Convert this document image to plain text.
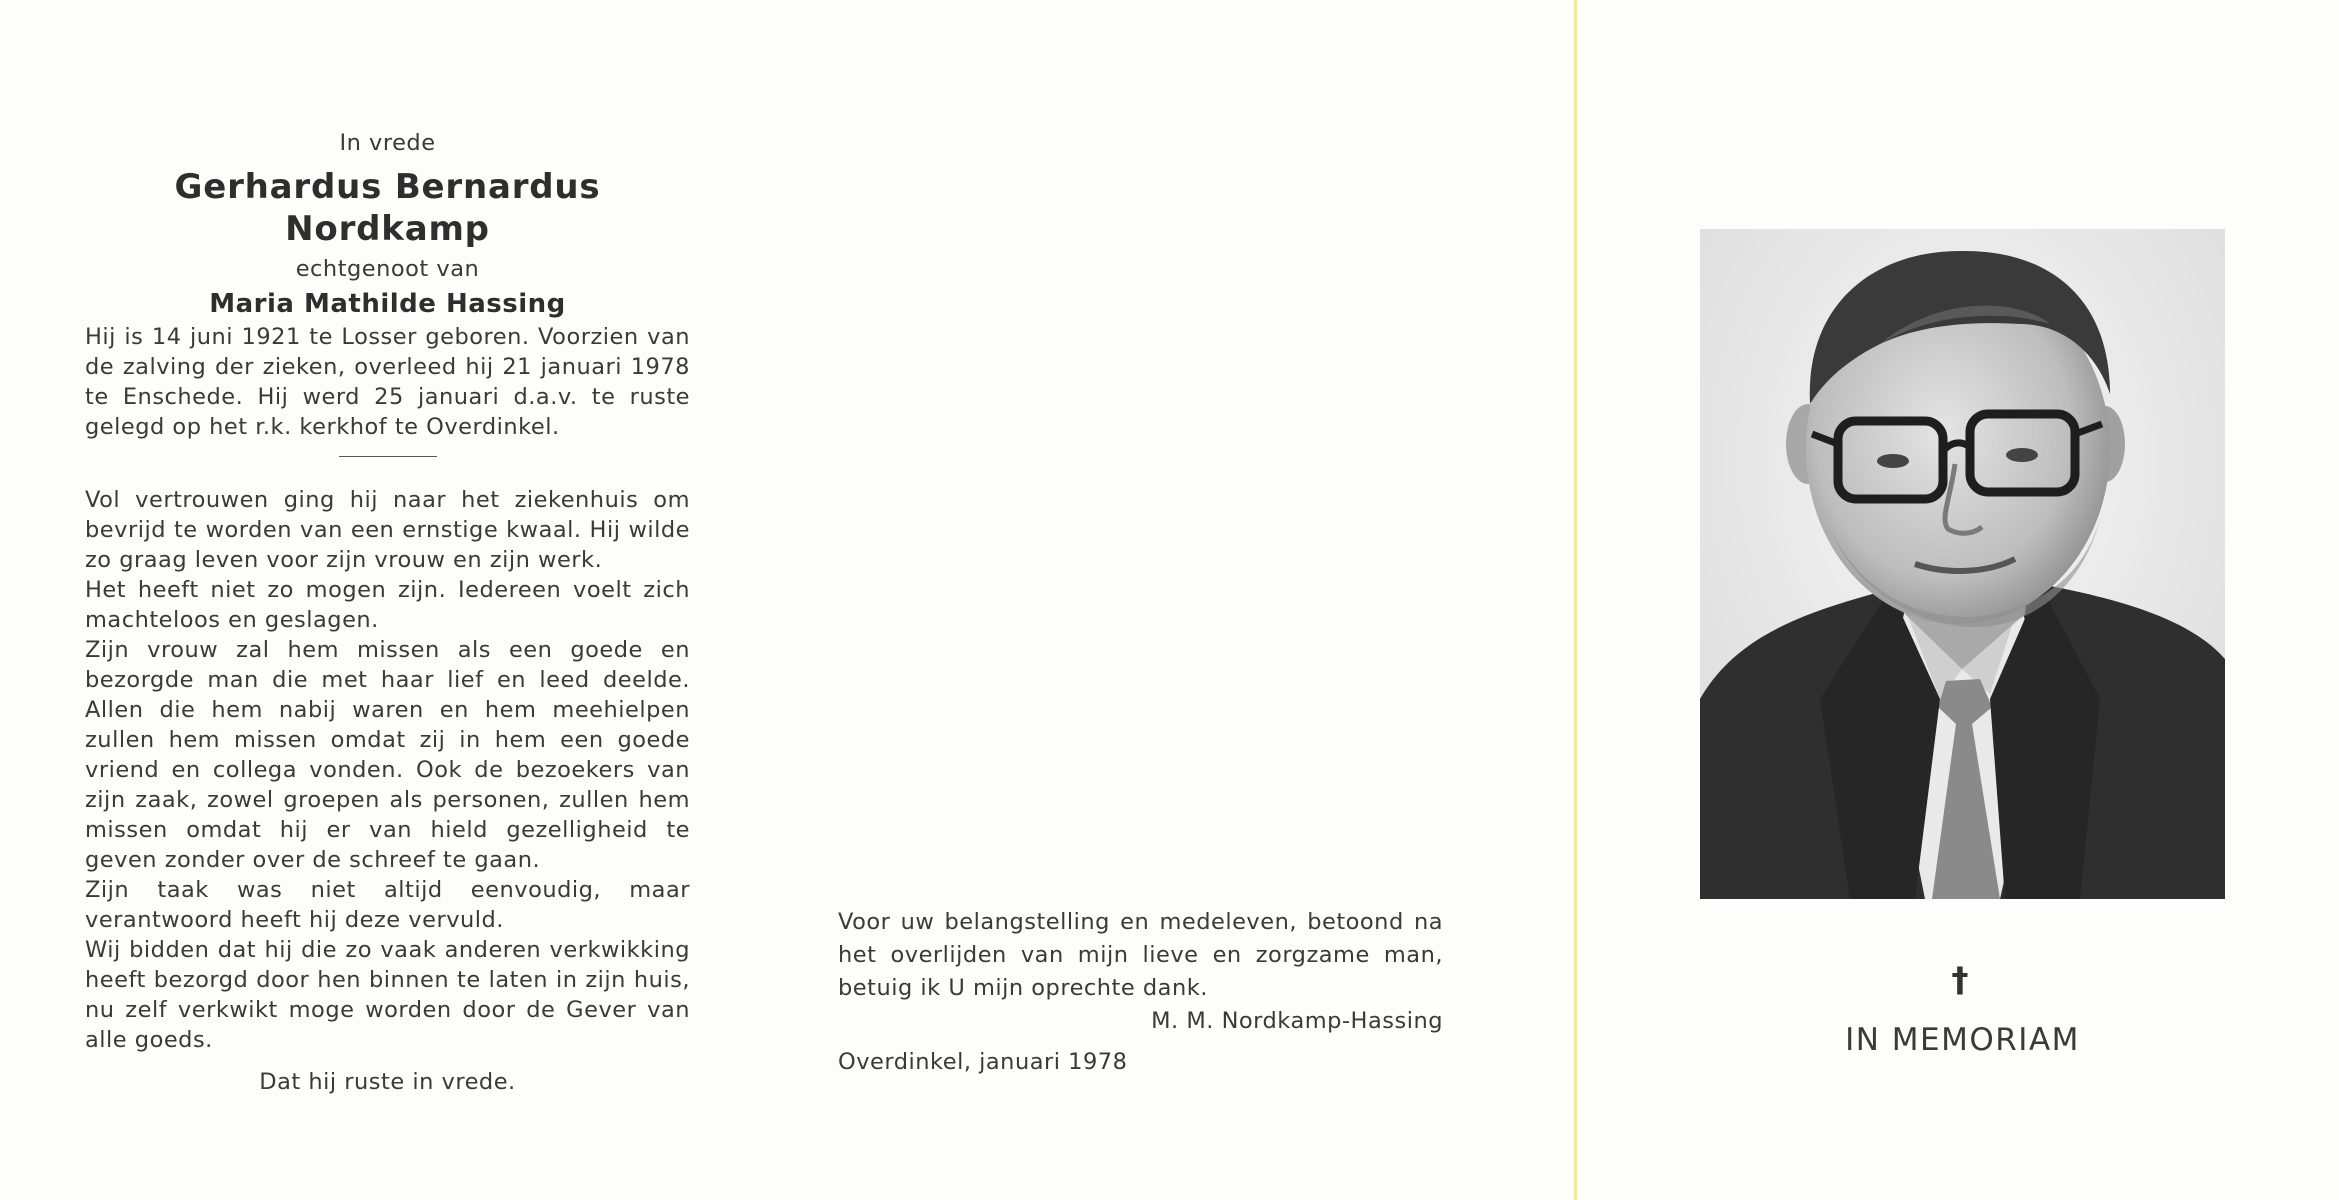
In vrede
Gerhardus Bernardus Nordkamp
echtgenoot van
Maria Mathilde Hassing

Hij is 14 juni 1921 te Losser geboren. Voorzien van de zalving der zieken, overleed hij 21 januari 1978 te Enschede. Hij werd 25 januari d.a.v. te ruste gelegd op het r.k. kerkhof te Overdinkel.

Vol vertrouwen ging hij naar het ziekenhuis om bevrijd te worden van een ernstige kwaal. Hij wilde zo graag leven voor zijn vrouw en zijn werk.

Het heeft niet zo mogen zijn. Iedereen voelt zich machteloos en geslagen.

Zijn vrouw zal hem missen als een goede en bezorgde man die met haar lief en leed deelde. Allen die hem nabij waren en hem meehielpen zullen hem missen omdat zij in hem een goede vriend en collega vonden. Ook de bezoekers van zijn zaak, zowel groepen als personen, zullen hem missen omdat hij er van hield gezelligheid te geven zonder over de schreef te gaan.

Zijn taak was niet altijd eenvoudig, maar verantwoord heeft hij deze vervuld.

Wij bidden dat hij die zo vaak anderen verkwikking heeft bezorgd door hen binnen te laten in zijn huis, nu zelf verkwikt moge worden door de Gever van alle goeds.

Dat hij ruste in vrede.

Voor uw belangstelling en medeleven, betoond na het overlijden van mijn lieve en zorgzame man, betuig ik U mijn oprechte dank.

M. M. Nordkamp-Hassing
Overdinkel, januari 1978
†
IN MEMORIAM
